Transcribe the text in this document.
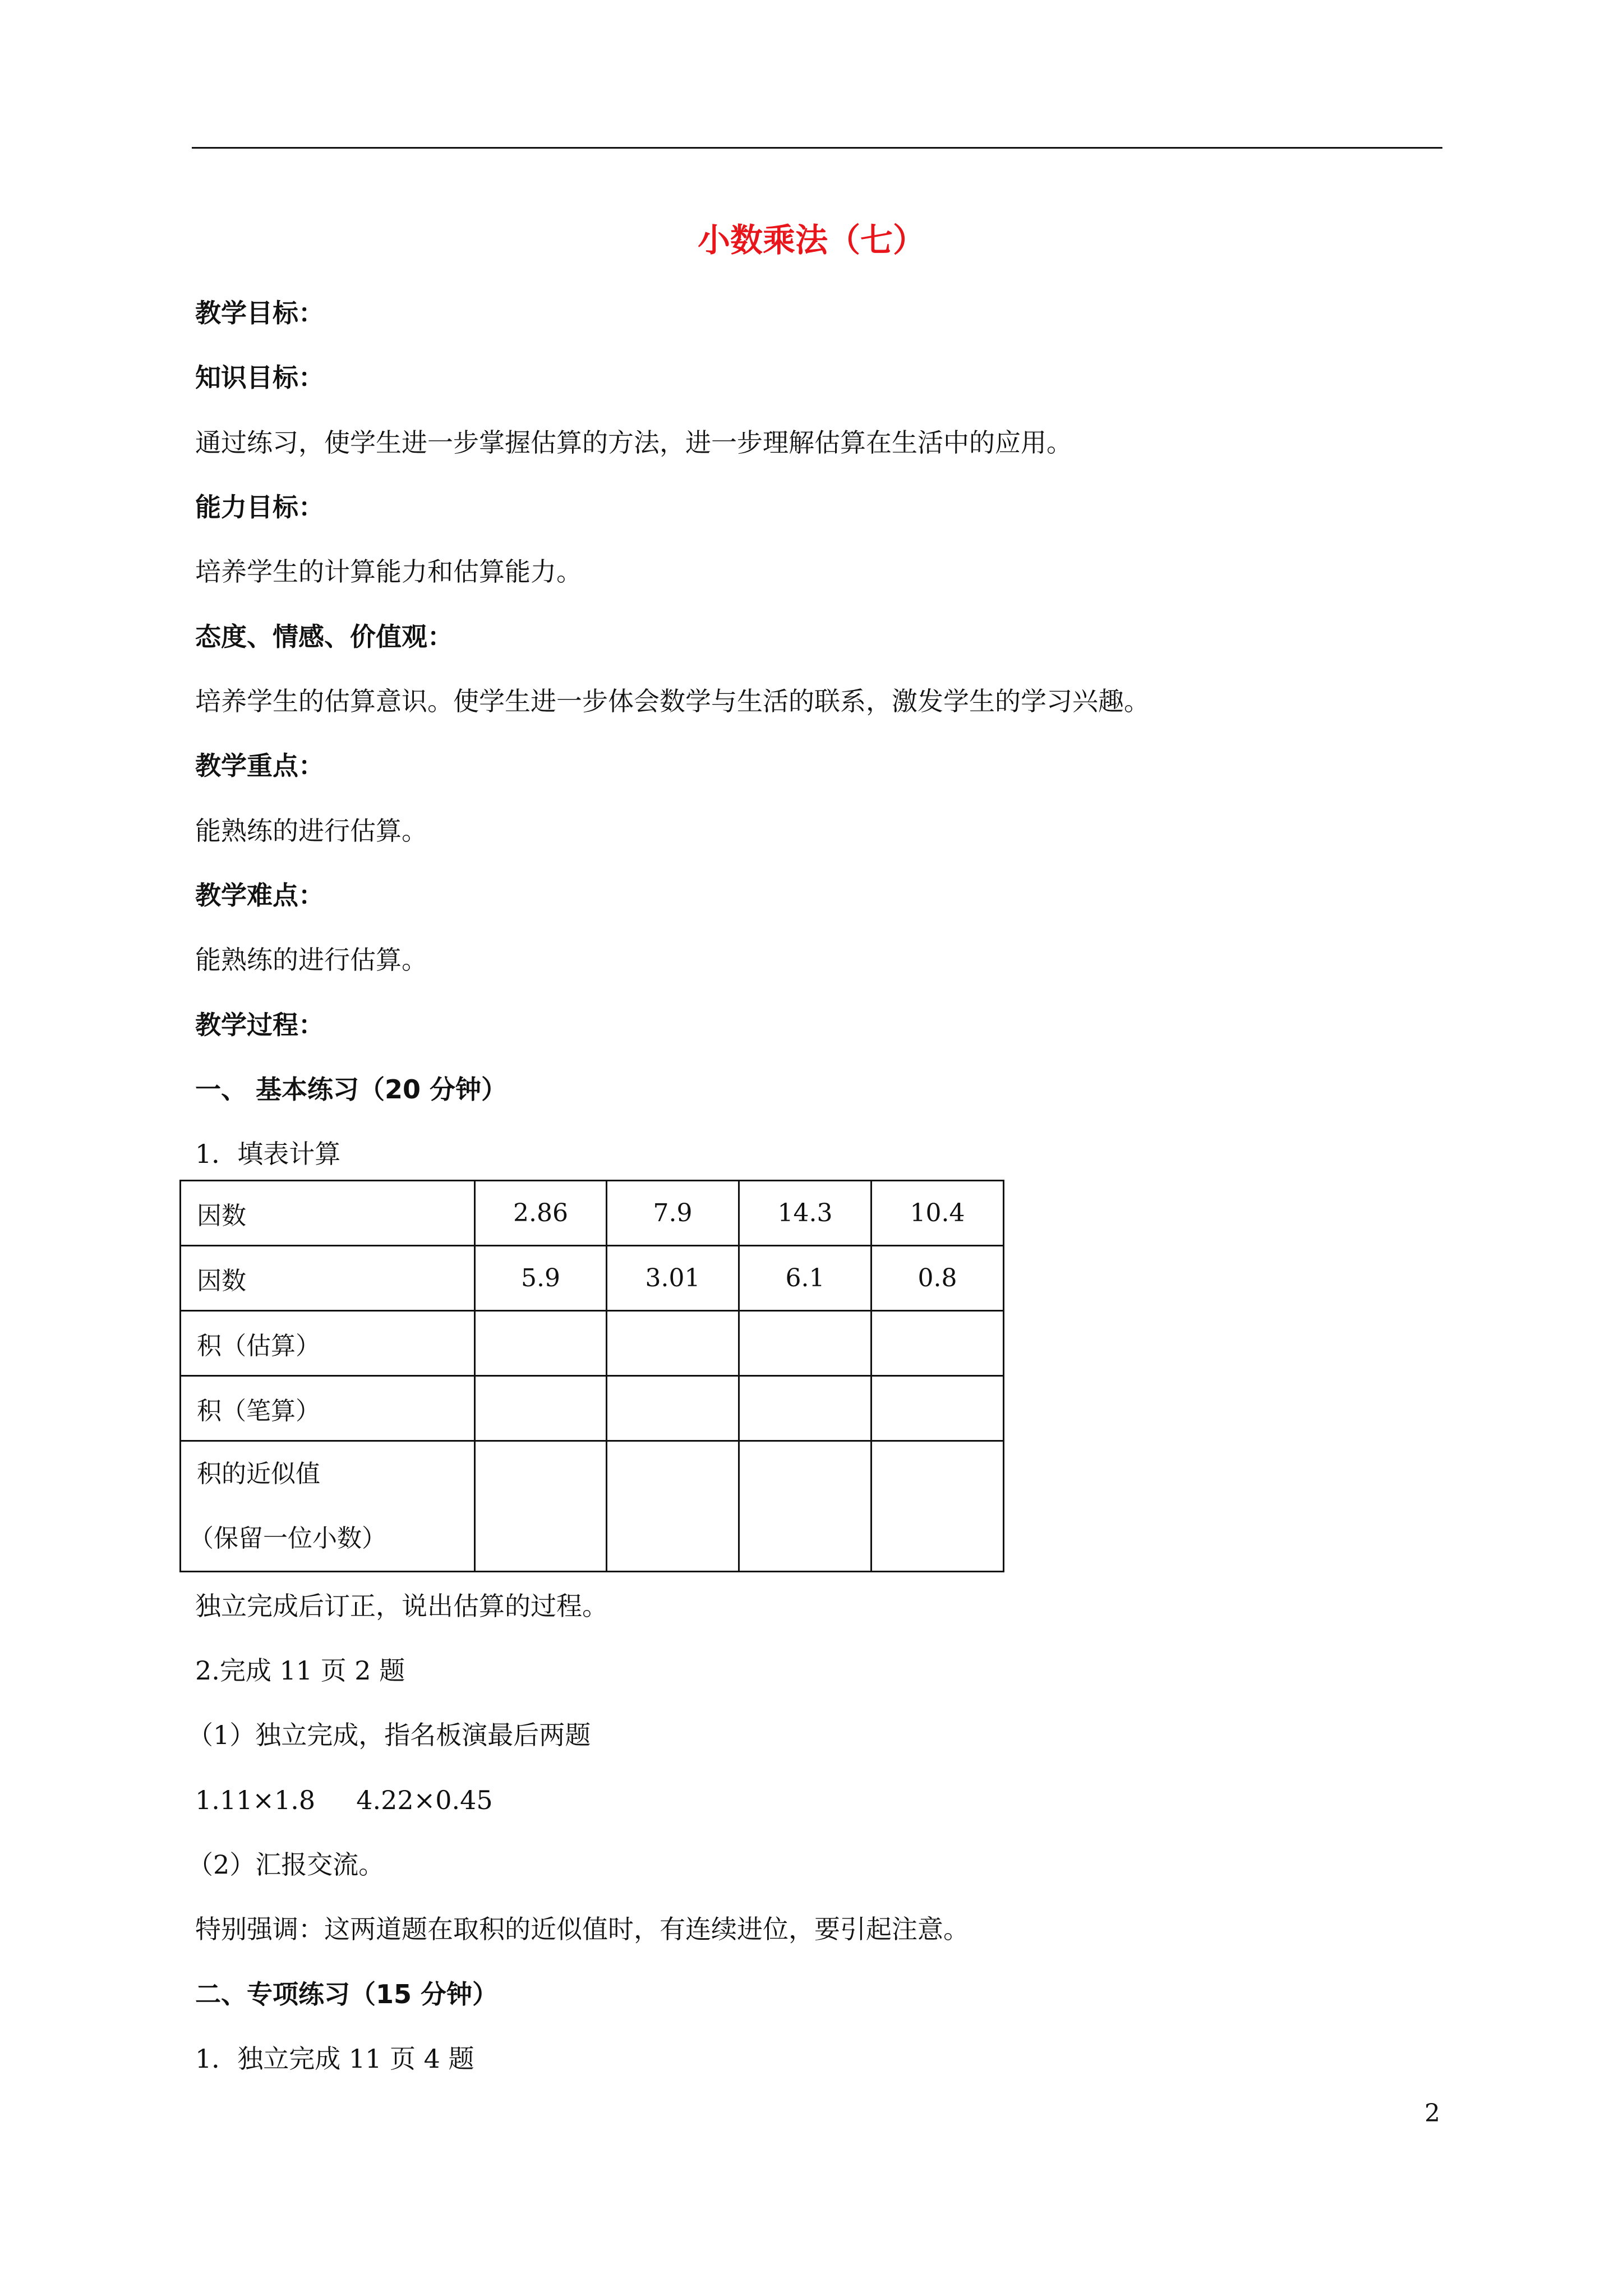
小数乘法（七）
教学目标：
知识目标：
通过练习，使学生进一步掌握估算的方法，进一步理解估算在生活中的应用。
能力目标：
培养学生的计算能力和估算能力。
态度、情感、价值观：
培养学生的估算意识。使学生进一步体会数学与生活的联系，激发学生的学习兴趣。
教学重点：
能熟练的进行估算。
教学难点：
能熟练的进行估算。
教学过程：
一、 基本练习（20 分钟）
1．填表计算
因数	2.86	7.9	14.3	10.4
因数	5.9	3.01	6.1	0.8
积（估算）				
积（笔算）				

积的近似值
（保留一位小数）				

独立完成后订正，说出估算的过程。
2.完成 11 页 2 题
（1）独立完成，指名板演最后两题
1.11×1.8     4.22×0.45
（2）汇报交流。
特别强调：这两道题在取积的近似值时，有连续进位，要引起注意。
二、专项练习（15 分钟）
1．独立完成 11 页 4 题
2
